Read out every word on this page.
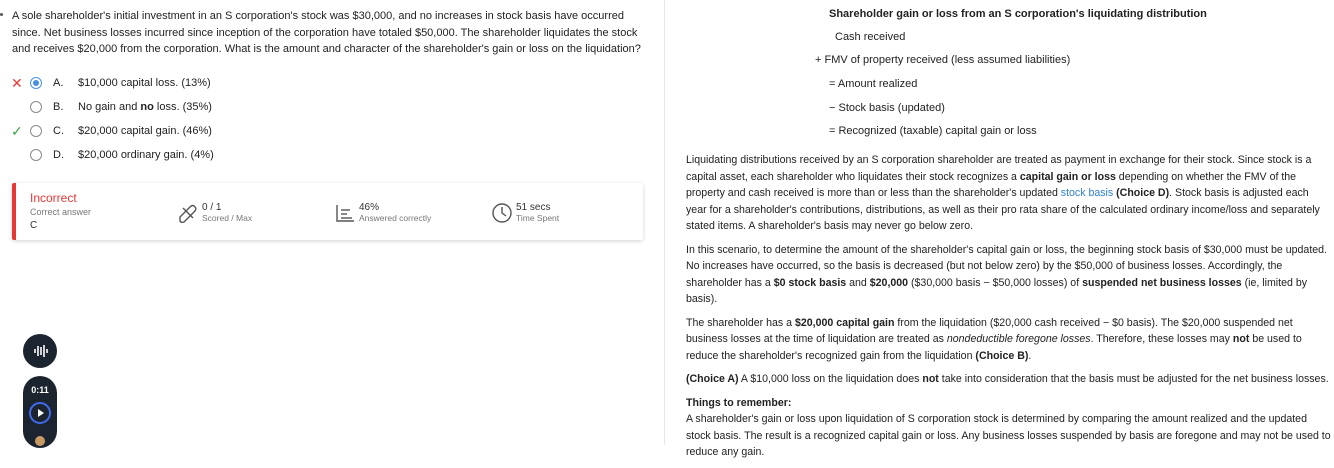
A sole shareholder's initial investment in an S corporation's stock was $30,000, and no increases in stock basis have occurred since. Net business losses incurred since inception of the corporation have totaled $50,000. The shareholder liquidates the stock and receives $20,000 from the corporation. What is the amount and character of the shareholder's gain or loss on the liquidation?
✕	A. $10,000 capital loss. (13%)
B. No gain and no loss. (35%)
✓	C. $20,000 capital gain. (46%)
D. $20,000 ordinary gain. (4%)
Incorrect
Correct answer
C
0 / 1
Scored / Max
46%
Answered correctly
51 secs
Time Spent
0:11
Shareholder gain or loss from an S corporation's liquidating distribution
Cash received
+ FMV of property received (less assumed liabilities)
= Amount realized
− Stock basis (updated)
= Recognized (taxable) capital gain or loss

Liquidating distributions received by an S corporation shareholder are treated as payment in exchange for their stock. Since stock is a capital asset, each shareholder who liquidates their stock recognizes a capital gain or loss depending on whether the FMV of the property and cash received is more than or less than the shareholder's updated stock basis (Choice D). Stock basis is adjusted each year for a shareholder's contributions, distributions, as well as their pro rata share of the calculated ordinary income/loss and separately stated items. A shareholder's basis may never go below zero.

In this scenario, to determine the amount of the shareholder's capital gain or loss, the beginning stock basis of $30,000 must be updated. No increases have occurred, so the basis is decreased (but not below zero) by the $50,000 of business losses. Accordingly, the shareholder has a $0 stock basis and $20,000 ($30,000 basis − $50,000 losses) of suspended net business losses (ie, limited by basis).

The shareholder has a $20,000 capital gain from the liquidation ($20,000 cash received − $0 basis). The $20,000 suspended net business losses at the time of liquidation are treated as nondeductible foregone losses. Therefore, these losses may not be used to reduce the shareholder's recognized gain from the liquidation (Choice B).

(Choice A) A $10,000 loss on the liquidation does not take into consideration that the basis must be adjusted for the net business losses.

Things to remember:

A shareholder's gain or loss upon liquidation of S corporation stock is determined by comparing the amount realized and the updated stock basis. The result is a recognized capital gain or loss. Any business losses suspended by basis are foregone and may not be used to reduce any gain.
